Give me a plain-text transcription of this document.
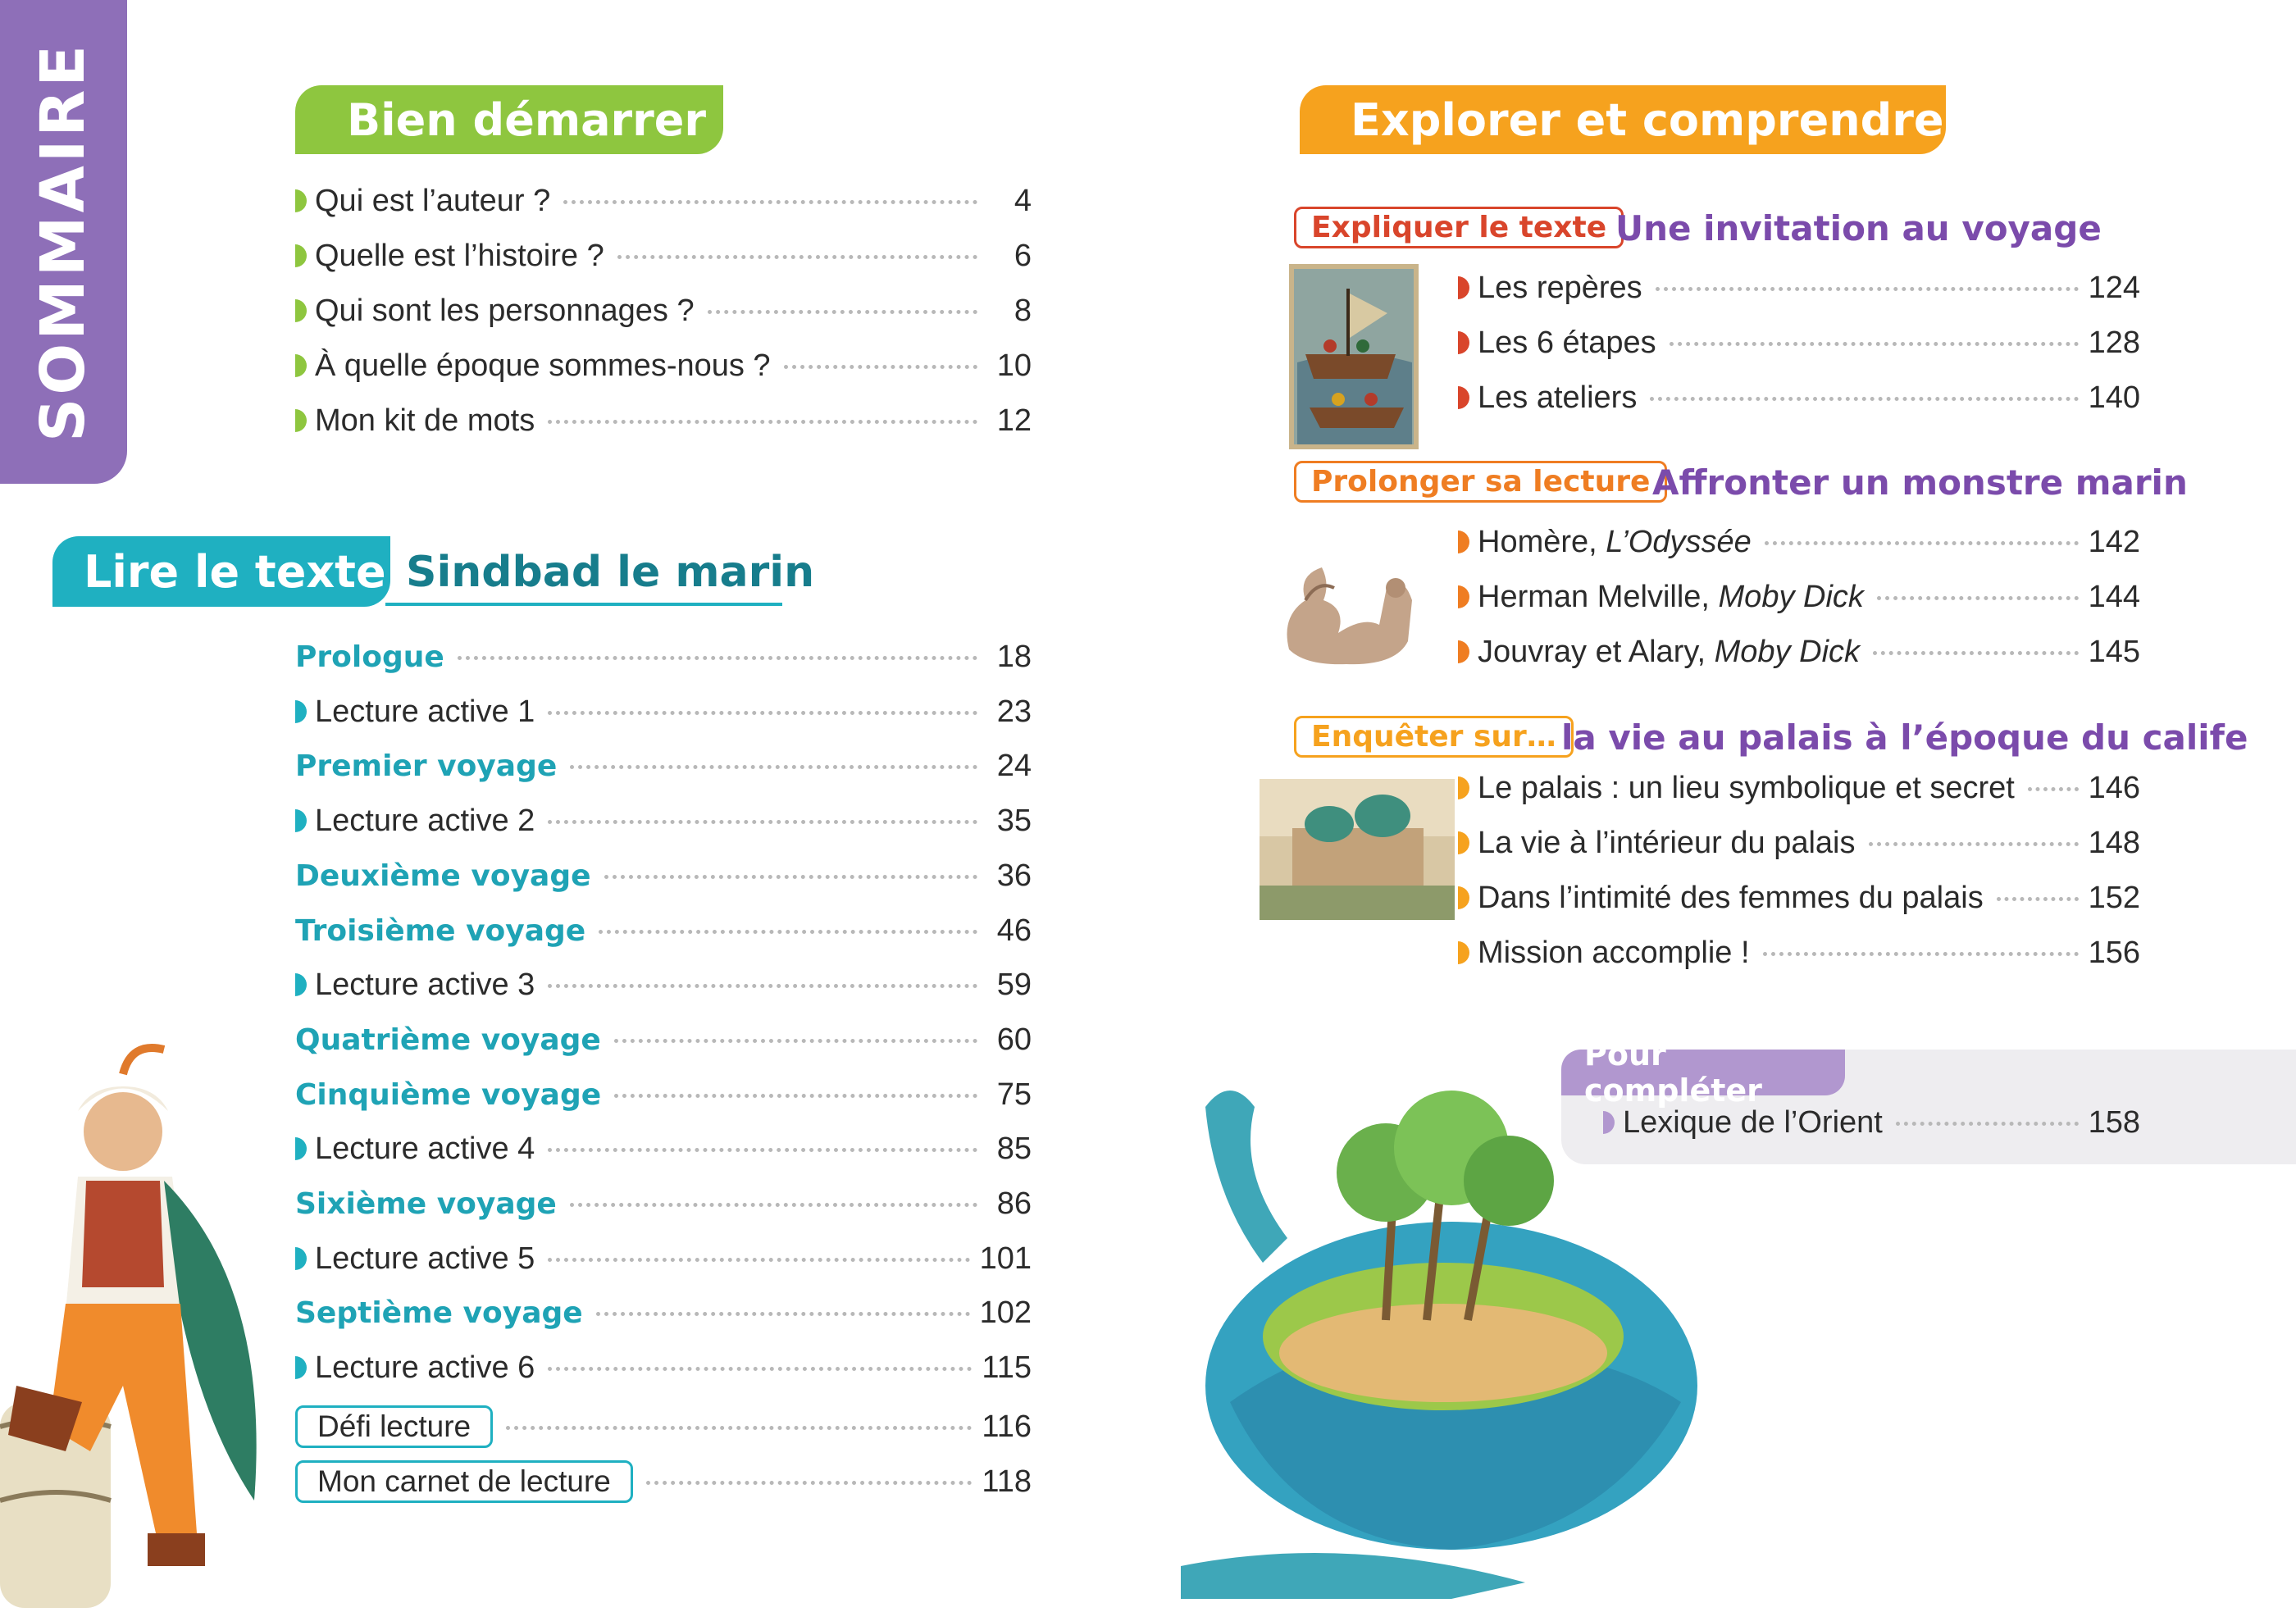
SOMMAIRE	Bien démarrer
Lire le texte Sindbad le marin
Explorer et comprendre
Expliquer le texte Une invitation au voyage
Prolonger sa lecture Affronter un monstre marin
Enquêter sur… la vie au palais à l’époque du calife
Pour compléter
Qui est l’auteur ?	4
Quelle est l’histoire ?	6
Qui sont les personnages ?	8
À quelle époque sommes-nous ?	10
Mon kit de mots	12
Prologue	18
Lecture active 1	23
Premier voyage	24
Lecture active 2	35
Deuxième voyage	36
Troisième voyage	46
Lecture active 3	59
Quatrième voyage	60
Cinquième voyage	75
Lecture active 4	85
Sixième voyage	86
Lecture active 5	101
Septième voyage	102
Lecture active 6	115
Défi lecture	116
Mon carnet de lecture	118
Les repères	124
Les 6 étapes	128
Les ateliers	140
Homère, L’Odyssée	142
Herman Melville, Moby Dick	144
Jouvray et Alary, Moby Dick	145
Le palais : un lieu symbolique et secret 146
La vie à l’intérieur du palais	148
Dans l’intimité des femmes du palais	152
Mission accomplie !	156
Lexique de l’Orient	158
